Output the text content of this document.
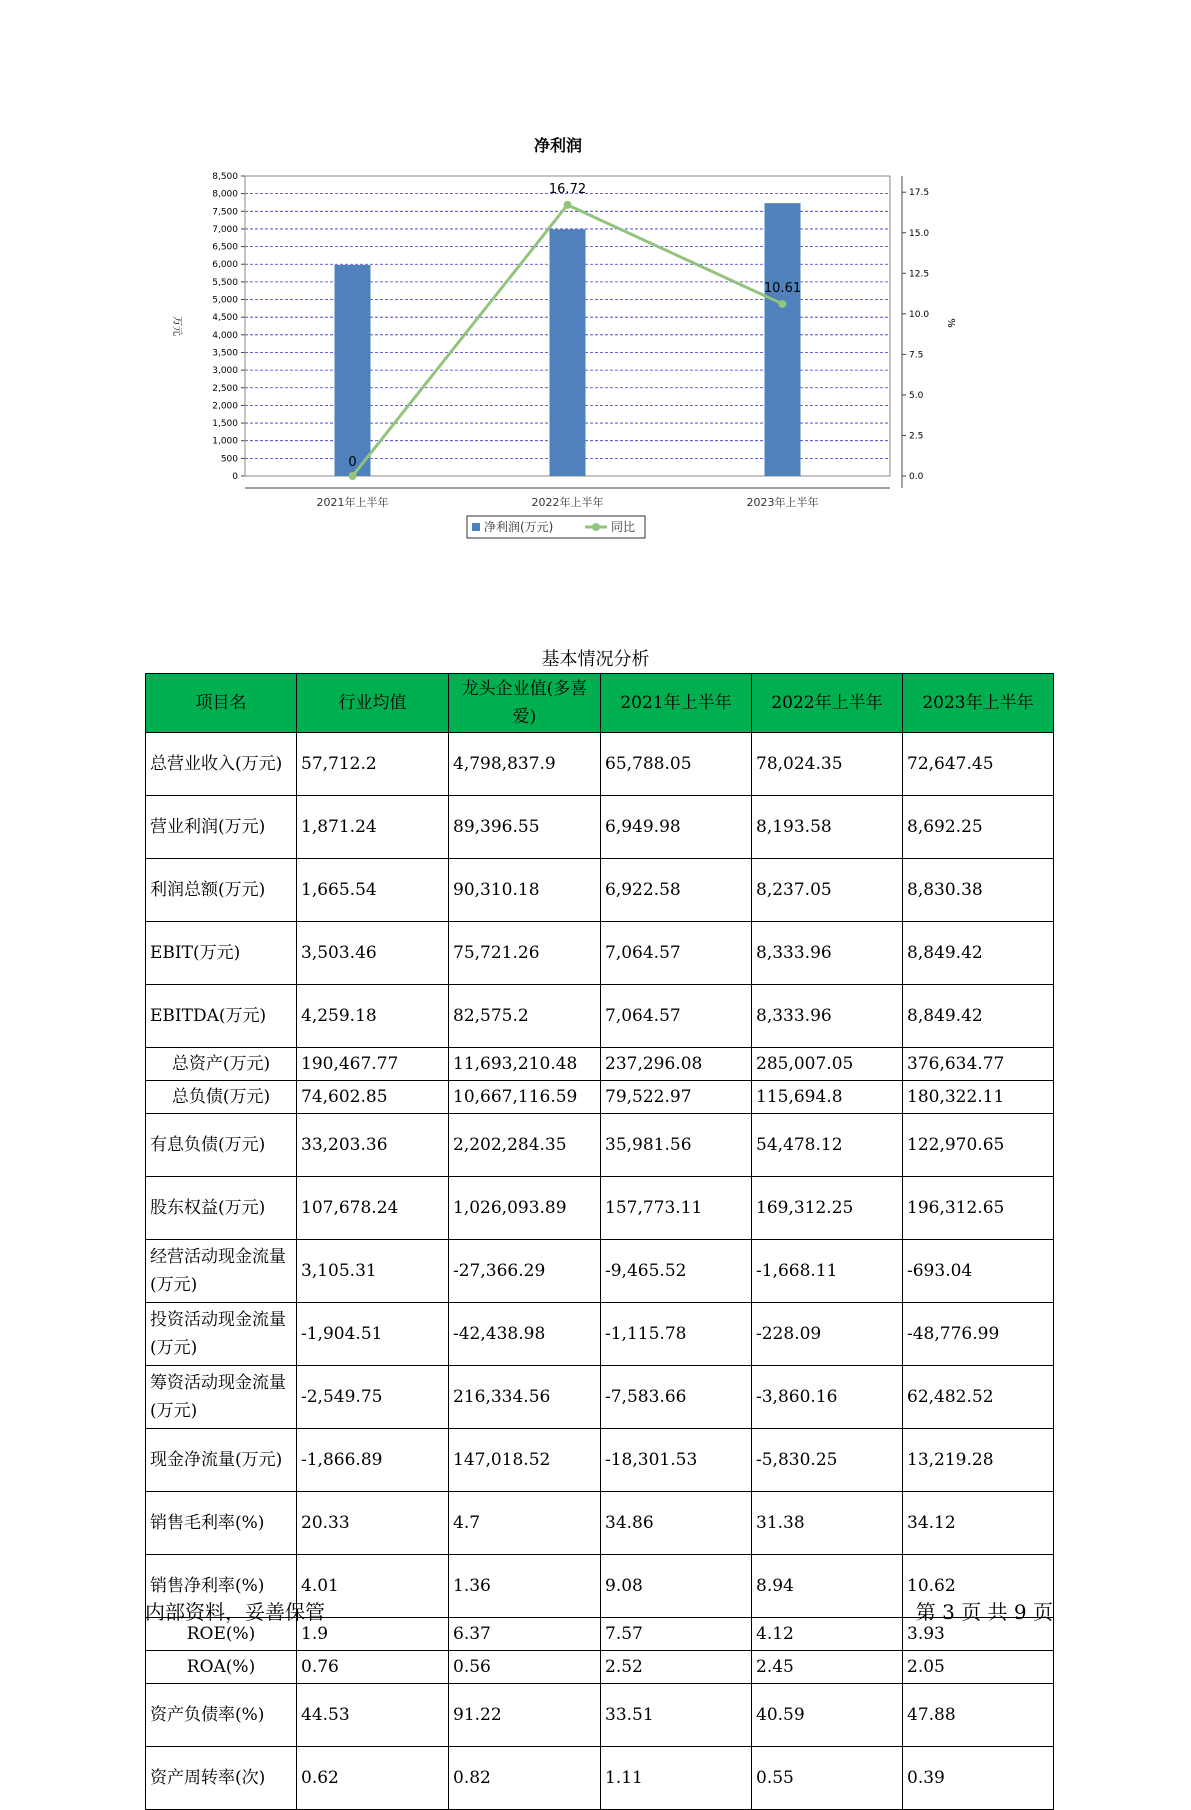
净利润
0
500
1,000
1,500
2,000
2,500
3,000
3,500
4,000
4,500
5,000
5,500
6,000
6,500
7,000
7,500
8,000
8,500
0.0
2.5
5.0
7.5
10.0
12.5
15.0
17.5
万元	%
2021年上半年	2022年上半年	2023年上半年
0
16.72
10.61
净利润(万元)	同比
基本情况分析
项目名	行业均值	龙头企业值(多喜爱)	2021年上半年	2022年上半年	2023年上半年
总营业收入(万元)	57,712.2	4,798,837.9	65,788.05	78,024.35	72,647.45
营业利润(万元)	1,871.24	89,396.55	6,949.98	8,193.58	8,692.25
利润总额(万元)	1,665.54	90,310.18	6,922.58	8,237.05	8,830.38
EBIT(万元)	3,503.46	75,721.26	7,064.57	8,333.96	8,849.42
EBITDA(万元)	4,259.18	82,575.2	7,064.57	8,333.96	8,849.42
总资产(万元)	190,467.77	11,693,210.48	237,296.08	285,007.05	376,634.77
总负债(万元)	74,602.85	10,667,116.59	79,522.97	115,694.8	180,322.11
有息负债(万元)	33,203.36	2,202,284.35	35,981.56	54,478.12	122,970.65
股东权益(万元)	107,678.24	1,026,093.89	157,773.11	169,312.25	196,312.65
经营活动现金流量(万元)	3,105.31	-27,366.29	-9,465.52	-1,668.11	-693.04
投资活动现金流量(万元)	-1,904.51	-42,438.98	-1,115.78	-228.09	-48,776.99
筹资活动现金流量(万元)	-2,549.75	216,334.56	-7,583.66	-3,860.16	62,482.52
现金净流量(万元)	-1,866.89	147,018.52	-18,301.53	-5,830.25	13,219.28
销售毛利率(%)	20.33	4.7	34.86	31.38	34.12
销售净利率(%)	4.01	1.36	9.08	8.94	10.62
ROE(%)	1.9	6.37	7.57	4.12	3.93
ROA(%)	0.76	0.56	2.52	2.45	2.05
资产负债率(%)	44.53	91.22	33.51	40.59	47.88
资产周转率(次)	0.62	0.82	1.11	0.55	0.39
内部资料，妥善保管	第 3 页 共 9 页
